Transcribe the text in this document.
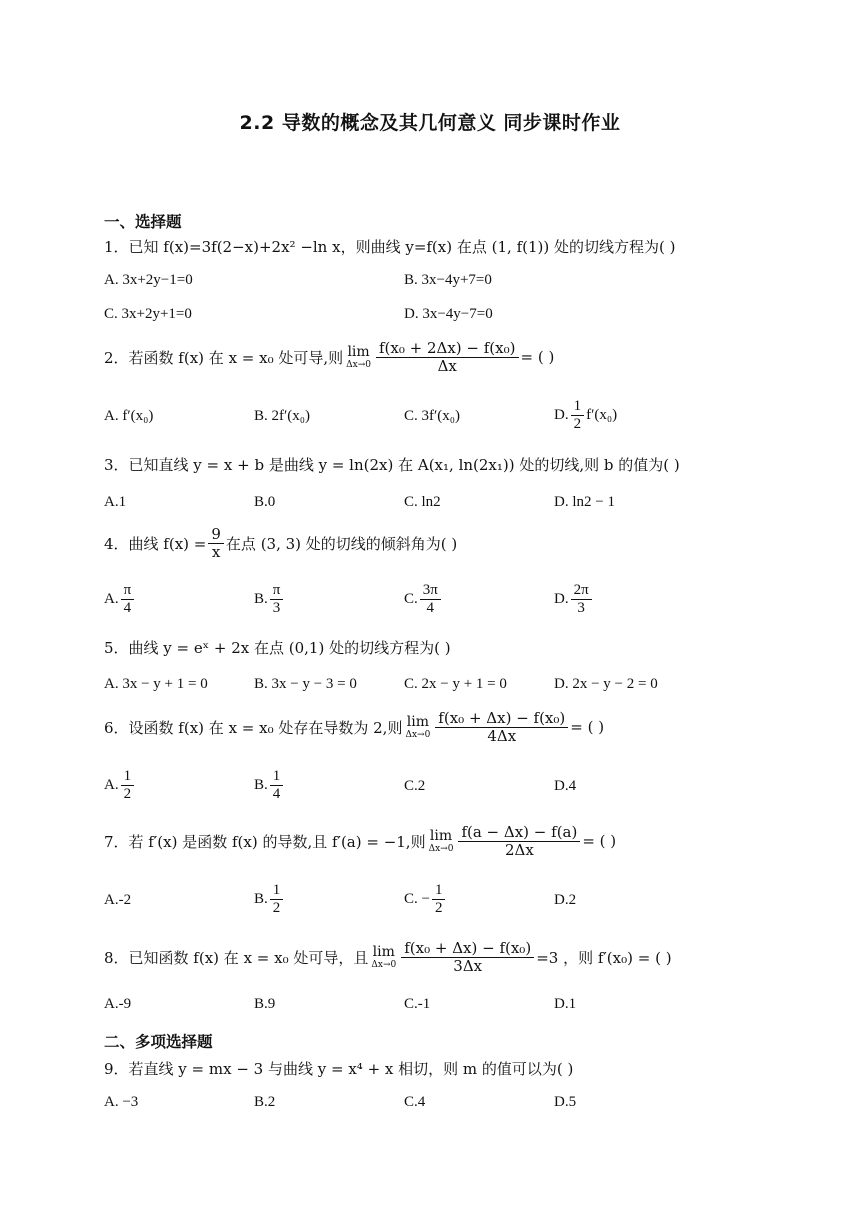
2.2 导数的概念及其几何意义 同步课时作业
一、选择题
1．已知 f(x)=3f(2−x)+2x² −ln x，则曲线 y=f(x) 在点 (1, f(1)) 处的切线方程为( )
A. 3x+2y−1=0	B. 3x−4y+7=0
C. 3x+2y+1=0	D. 3x−4y−7=0
2．若函数 f(x) 在 x = x₀ 处可导,则 lim
$\Delta x\to 0 \frac{\text{f(x₀ + 2Δx) − f(x₀)}}{\Delta x}$ = ( )
A. f′(x₀)	B. 2f′(x₀)	C. 3f′(x₀)	D. $\frac{1}{2} f'(x_0)$
3．已知直线 y = x + b 是曲线 y = ln(2x) 在 A(x₁, ln(2x₁)) 处的切线,则 b 的值为( )
A.1	B.0	C. ln2	D. ln2 − 1
4．曲线 $f(x) = \frac{9}{x}$ 在点 (3, 3) 处的切线的倾斜角为( )
A. $\frac{\pi}{4}$	B. $\frac{\pi}{3}$	C. $\frac{3\pi}{4}$	D. $\frac{2\pi}{3}$
5．曲线 y = eˣ + 2x 在点 (0,1) 处的切线方程为( )
A. 3x − y + 1 = 0	B. 3x − y − 3 = 0	C. 2x − y + 1 = 0	D. 2x − y − 2 = 0
6．设函数 f(x) 在 x = x₀ 处存在导数为 2,则 lim
$\Delta x\to 0 \frac{\text{f(x₀ + Δx) − f(x₀)}}{4\Delta x}$ = ( )
A. $\frac{1}{2}$	B. $\frac{1}{4}$	C.2	D.4
7．若 f′(x) 是函数 f(x) 的导数,且 f′(a) = −1,则 lim
$\Delta x\to 0 \frac{f(a - \Delta x) - f(a)}{2\Delta x}$ = ( )
A.-2	B. $\frac{1}{2}$	C. − $\frac{1}{2}$	D.2
8．已知函数 f(x) 在 x = x₀ 处可导，且 lim
$\Delta x\to 0 \frac{\text{f(x₀ + Δx) − f(x₀)}}{3\Delta x} =3$ ，则 f′(x₀) = ( )
A.-9	B.9	C.-1	D.1
二、多项选择题
9．若直线 y = mx − 3 与曲线 y = x⁴ + x 相切，则 m 的值可以为( )
A. −3	B.2	C.4	D.5
